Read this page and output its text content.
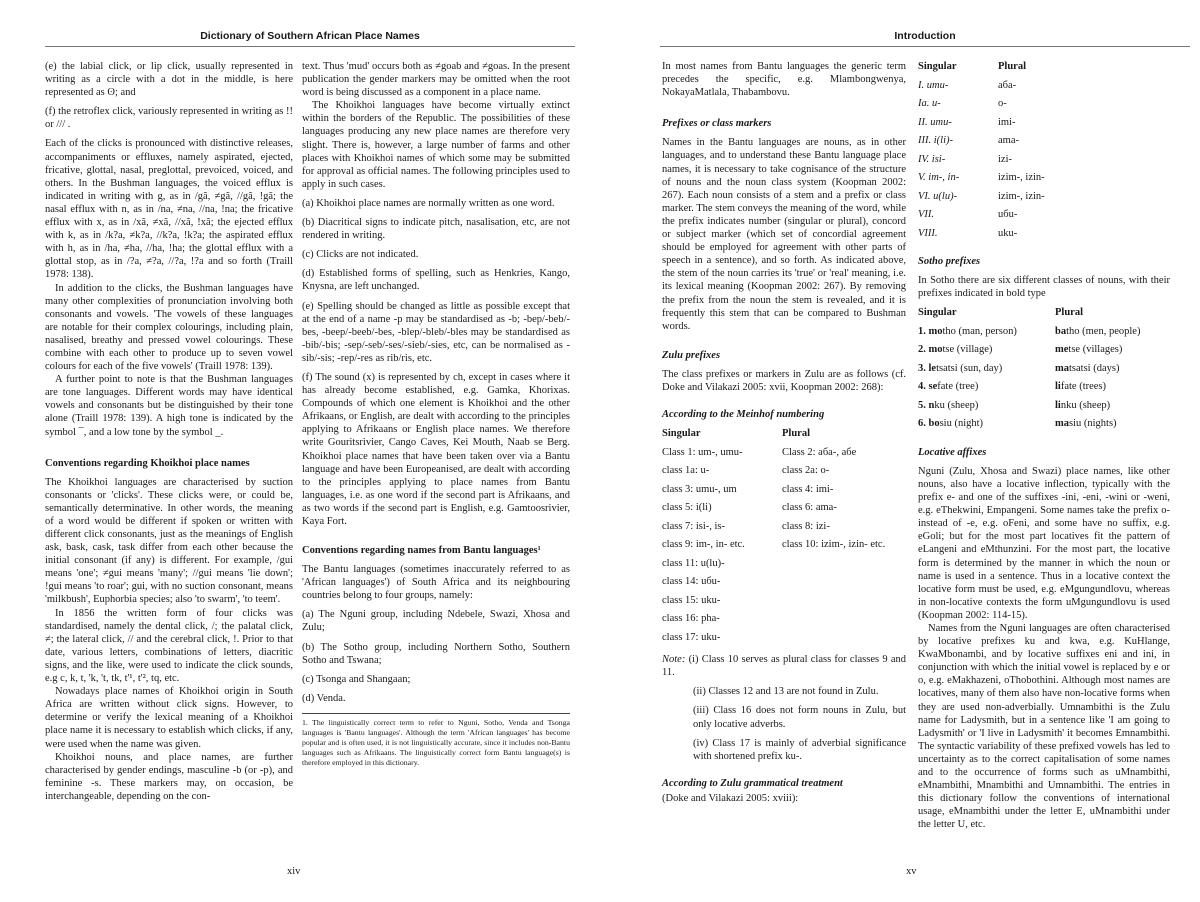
Dictionary of Southern African Place Names

(e) the labial click, or lip click, usually represented in writing as a circle with a dot in the middle, is here represented as ʘ; and

(f) the retroflex click, variously represented in writing as !! or /// .

Each of the clicks is pronounced with distinctive releases, accompaniments or effluxes, namely aspirated, ejected, fricative, glottal, nasal, preglottal, prevoiced, voiced, and others. In the Bushman languages, the voiced efflux is indicated in writing with g, as in /gã, ≠gã, //gã, !gã; the nasal efflux with n, as in /na, ≠na, //na, !na; the fricative efflux with x, as in /xã, ≠xã, //xã, !xã; the ejected efflux with k, as in /k?a, ≠k?a, //k?a, !k?a; the aspirated efflux with h, as in /ha, ≠ha, //ha, !ha; the glottal efflux with a glottal stop, as in /?a, ≠?a, //?a, !?a and so forth (Traill 1978: 138).

In addition to the clicks, the Bushman languages have many other complexities of pronunciation involving both consonants and vowels. 'The vowels of these languages are notable for their complex colourings, including plain, nasalised, breathy and pressed vowel colourings. These combine with each other to produce up to seven vowel colours for each of the five vowels' (Traill 1978: 139).

A further point to note is that the Bushman languages are tone languages. Different words may have identical vowels and consonants but be distinguished by their tone alone (Traill 1978: 139). A high tone is indicated by the symbol ¯, and a low tone by the symbol _.

Conventions regarding Khoikhoi place names

The Khoikhoi languages are characterised by suction consonants or 'clicks'. These clicks were, or could be, semantically determinative. In other words, the meaning of a word would be different if spoken or written with different click consonants, just as the meanings of English ask, bask, cask, task differ from each other because the initial consonant (if any) is different. For example, /gui means 'one'; ≠gui means 'many'; //gui means 'lie down'; !gui means 'to roar'; gui, with no suction consonant, means 'milkbush', Euphorbia species; also 'to swarm', 'to teem'.

In 1856 the written form of four clicks was standardised, namely the dental click, /; the palatal click, ≠; the lateral click, // and the cerebral click, !. Prior to that date, various letters, combinations of letters, diacritic signs, and the like, were used to indicate the click sounds, e.g c, k, t, 'k, 't, tk, t'¹, t'², tq, etc.

Nowadays place names of Khoikhoi origin in South Africa are written without click signs. However, to determine or verify the lexical meaning of a Khoikhoi place name it is necessary to establish which clicks, if any, were used when the name was given.

Khoikhoi nouns, and place names, are further characterised by gender endings, masculine -b (or -p), and feminine -s. These markers may, on occasion, be interchangeable, depending on the con-

text. Thus 'mud' occurs both as ≠goab and ≠goas. In the present publication the gender markers may be omitted when the root word is being discussed as a component in a place name.

The Khoikhoi languages have become virtually extinct within the borders of the Republic. The possibilities of these languages producing any new place names are therefore very slight. There is, however, a large number of farms and other places with Khoikhoi names of which some may be submitted for approval as official names. The following principles used to apply in such cases.

(a) Khoikhoi place names are normally written as one word.

(b) Diacritical signs to indicate pitch, nasalisation, etc, are not rendered in writing.

(c) Clicks are not indicated.

(d) Established forms of spelling, such as Henkries, Kango, Knysna, are left unchanged.

(e) Spelling should be changed as little as possible except that at the end of a name -p may be standardised as -b; -bep/-beb/-bes, -beep/-beeb/-bes, -blep/-bleb/-bles may be standardised as -bib/-bis; -sep/-seb/-ses/-sieb/-sies, etc, can be normalised as -sib/-sis; -rep/-res as rib/ris, etc.

(f) The sound (x) is represented by ch, except in cases where it has already become established, e.g. Gamka, Khorixas. Compounds of which one element is Khoikhoi and the other Afrikaans, or English, are dealt with according to the principles applying to Afrikaans or English place names. We therefore write Gouritsrivier, Cango Caves, Kei Mouth, Naab se Berg. Khoikhoi place names that have been taken over via a Bantu language and have been Europeanised, are dealt with according to the principles applying to place names from Bantu languages, i.e. as one word if the second part is Afrikaans, and as two words if the second part is English, e.g. Gamtoosrivier, Kaya Fort.

Conventions regarding names from Bantu languages¹

The Bantu languages (sometimes inaccurately referred to as 'African languages') of South Africa and its neighbouring countries belong to four groups, namely:

(a) The Nguni group, including Ndebele, Swazi, Xhosa and Zulu;

(b) The Sotho group, including Northern Sotho, Southern Sotho and Tswana;

(c) Tsonga and Shangaan;

(d) Venda.

1. The linguistically correct term to refer to Nguni, Sotho, Venda and Tsonga languages is 'Bantu languages'. Although the term 'African languages' has become popular and is often used, it is not linguistically accurate, since it includes non-Bantu languages such as Afrikaans. The linguistically correct form Bantu language(s) is therefore employed in this dictionary.
xiv
Introduction

In most names from Bantu languages the generic term precedes the specific, e.g. Mlambongwenya, NokayaMatlala, Thabambovu.

Prefixes or class markers

Names in the Bantu languages are nouns, as in other languages, and to understand these Bantu language place names, it is necessary to take cognisance of the structure of nouns and the noun class system (Koopman 2002: 267). Each noun consists of a stem and a prefix or class marker. The stem conveys the meaning of the word, while the prefix indicates number (singular or plural), concord or subject marker (which set of concordial agreement should be employed for agreement with other parts of speech in a sentence), and so forth. As indicated above, the stem of the noun carries its 'true' or 'real' meaning, i.e. its lexical meaning (Koopman 2002: 267). By removing the prefix from the noun the stem is revealed, and it is frequently this stem that can be compared to Bushman words.

Zulu prefixes

The class prefixes or markers in Zulu are as follows (cf. Doke and Vilakazi 2005: xvii, Koopman 2002: 268):

According to the Meinhof numbering
Singular	Plural
Class 1: um-, umu-	Class 2: aба-, aбe
class 1a: u-	class 2a: o-
class 3: umu-, um	class 4: imi-
class 5: i(li)	class 6: ama-
class 7: isi-, is-	class 8: izi-
class 9: im-, in- etc.	class 10: izim-, izin- etc.
class 11: u(lu)-	
class 14: uбu-	
class 15: uku-	
class 16: pha-	
class 17: uku-	

Note: (i) Class 10 serves as plural class for classes 9 and 11.

(ii) Classes 12 and 13 are not found in Zulu.

(iii) Class 16 does not form nouns in Zulu, but only locative adverbs.

(iv) Class 17 is mainly of adverbial significance with shortened prefix ku-.

According to Zulu grammatical treatment

(Doke and Vilakazi 2005: xviii):

Singular	Plural
I. umu-	aбa-
Ia. u-	o-
II. umu-	imi-
III. i(li)-	ama-
IV. isi-	izi-
V. im-, in-	izim-, izin-
VI. u(lu)-	izim-, izin-
VII.	uбu-
VIII.	uku-
Sotho prefixes

In Sotho there are six different classes of nouns, with their prefixes indicated in bold type

Singular	Plural
1. motho (man, person)	batho (men, people)
2. motse (village)	metse (villages)
3. letsatsi (sun, day)	matsatsi (days)
4. sefate (tree)	lifate (trees)
5. nku (sheep)	linku (sheep)
6. bosiu (night)	masiu (nights)
Locative affixes

Nguni (Zulu, Xhosa and Swazi) place names, like other nouns, also have a locative inflection, typically with the prefix e- and one of the suffixes -ini, -eni, -wini or -weni, e.g. eThekwini, Empangeni. Some names take the prefix o- instead of -e, e.g. oFeni, and some have no suffix, e.g. eGoli; but for the most part locatives fit the pattern of eLangeni and eMthunzini. For the most part, the locative form is determined by the manner in which the noun or name is used in a sentence. Thus in a locative context the locative form must be used, e.g. eMgungundlovu, whereas in non-locative contexts the form uMgungundlovu is used (Koopman 2002: 114-15).

Names from the Nguni languages are often characterised by locative prefixes ku and kwa, e.g. KuHlange, KwaMbonambi, and by locative suffixes eni and ini, in conjunction with which the initial vowel is replaced by e or o, e.g. eMakhazeni, oThobothini. Although most names are locatives, many of them also have non-locative forms when they are used non-adverbially. Umnambithi is the Zulu name for Ladysmith, but in a sentence like 'I am going to Ladysmith' or 'I live in Ladysmith' it becomes Emnambithi. The syntactic variability of these prefixed vowels has led to uncertainty as to the correct capitalisation of some names and to the occurrence of forms such as uMnambithi, eMnambithi, Mnambithi and Umnambithi. The entries in this dictionary follow the conventions of international usage, eMnambithi under the letter E, uMnambithi under the letter U, etc.

xv
